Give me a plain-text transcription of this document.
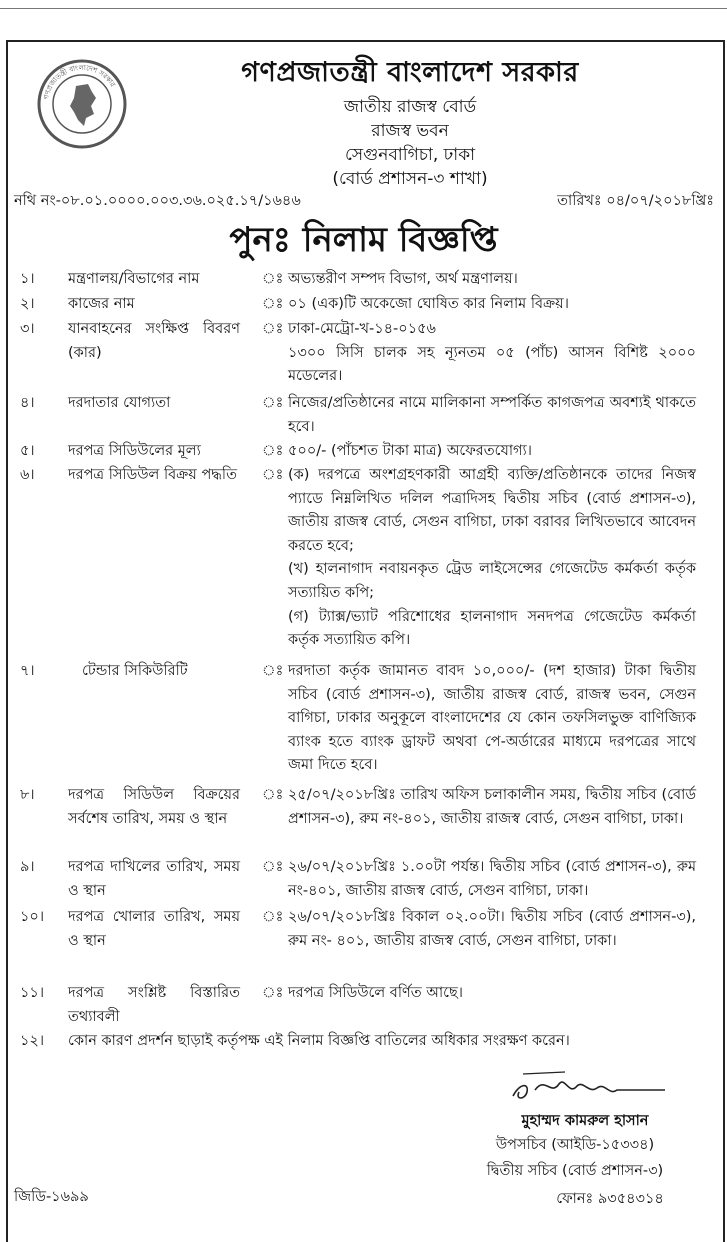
গণপ্রজাতন্ত্রী বাংলাদেশ সরকার	গণপ্রজাতন্ত্রী বাংলাদেশ সরকার
জাতীয় রাজস্ব বোর্ড
রাজস্ব ভবন
সেগুনবাগিচা, ঢাকা
(বোর্ড প্রশাসন-৩ শাখা)
নথি নং-০৮.০১.০০০০.০০৩.৩৬.০২৫.১৭/১৬৪৬	তারিখঃ ০৪/০৭/২০১৮খ্রিঃ
পুনঃ নিলাম বিজ্ঞপ্তি
১।	মন্ত্রণালয়/বিভাগের নাম	ঃ অভ্যন্তরীণ সম্পদ বিভাগ, অর্থ মন্ত্রণালয়।

২।	কাজের নাম	ঃ ০১ (এক)টি অকেজো ঘোষিত কার নিলাম বিক্রয়।

৩।	যানবাহনের সংক্ষিপ্ত বিবরণ (কার)
ঃ ঢাকা-মেট্রো-খ-১৪-০১৫৬

১৩০০ সিসি চালক সহ ন্যূনতম ০৫ (পাঁচ) আসন বিশিষ্ট ২০০০ মডেলের।

৪।	দরদাতার যোগ্যতা	ঃ নিজের/প্রতিষ্ঠানের নামে মালিকানা সম্পর্কিত কাগজপত্র অবশ্যই থাকতে হবে।

৫।	দরপত্র সিডিউলের মূল্য	ঃ ৫০০/- (পাঁচশত টাকা মাত্র) অফেরতযোগ্য।

৬।	দরপত্র সিডিউল বিক্রয় পদ্ধতি ঃ (ক) দরপত্রে অংশগ্রহণকারী আগ্রহী ব্যক্তি/প্রতিষ্ঠানকে তাদের নিজস্ব প্যাডে নিম্নলিখিত দলিল পত্রাদিসহ দ্বিতীয় সচিব (বোর্ড প্রশাসন-৩), জাতীয় রাজস্ব বোর্ড, সেগুন বাগিচা, ঢাকা বরাবর লিখিতভাবে আবেদন করতে হবে;

(খ) হালনাগাদ নবায়নকৃত ট্রেড লাইসেন্সের গেজেটেড কর্মকর্তা কর্তৃক সত্যায়িত কপি;

(গ) ট্যাক্স/ভ্যাট পরিশোধের হালনাগাদ সনদপত্র গেজেটেড কর্মকর্তা কর্তৃক সত্যায়িত কপি।

৭।	টেন্ডার সিকিউরিটি	ঃ দরদাতা কর্তৃক জামানত বাবদ ১০,০০০/- (দশ হাজার) টাকা দ্বিতীয় সচিব (বোর্ড প্রশাসন-৩), জাতীয় রাজস্ব বোর্ড, রাজস্ব ভবন, সেগুন বাগিচা, ঢাকার অনুকূলে বাংলাদেশের যে কোন তফসিলভুক্ত বাণিজ্যিক ব্যাংক হতে ব্যাংক ড্রাফট অথবা পে-অর্ডারের মাধ্যমে দরপত্রের সাথে জমা দিতে হবে।

৮।	দরপত্র সিডিউল বিক্রয়ের সর্বশেষ তারিখ, সময় ও স্থান
ঃ ২৫/০৭/২০১৮খ্রিঃ তারিখ অফিস চলাকালীন সময়, দ্বিতীয় সচিব (বোর্ড প্রশাসন-৩), রুম নং-৪০১, জাতীয় রাজস্ব বোর্ড, সেগুন বাগিচা, ঢাকা।

৯।	দরপত্র দাখিলের তারিখ, সময় ও স্থান
ঃ ২৬/০৭/২০১৮খ্রিঃ ১.০০টা পর্যন্ত। দ্বিতীয় সচিব (বোর্ড প্রশাসন-৩), রুম নং-৪০১, জাতীয় রাজস্ব বোর্ড, সেগুন বাগিচা, ঢাকা।

১০।	দরপত্র খোলার তারিখ, সময় ও স্থান
ঃ ২৬/০৭/২০১৮খ্রিঃ বিকাল ০২.০০টা। দ্বিতীয় সচিব (বোর্ড প্রশাসন-৩), রুম নং- ৪০১, জাতীয় রাজস্ব বোর্ড, সেগুন বাগিচা, ঢাকা।

১১।	দরপত্র সংশ্লিষ্ট বিস্তারিত তথ্যাবলী
ঃ দরপত্র সিডিউলে বর্ণিত আছে।

১২।	কোন কারণ প্রদর্শন ছাড়াই কর্তৃপক্ষ এই নিলাম বিজ্ঞপ্তি বাতিলের অধিকার সংরক্ষণ করেন।
মুহাম্মদ কামরুল হাসান
উপসচিব (আইডি-১৫৩৩৪)
দ্বিতীয় সচিব (বোর্ড প্রশাসন-৩)
জিডি-১৬৯৯	ফোনঃ ৯৩৫৪৩১৪
